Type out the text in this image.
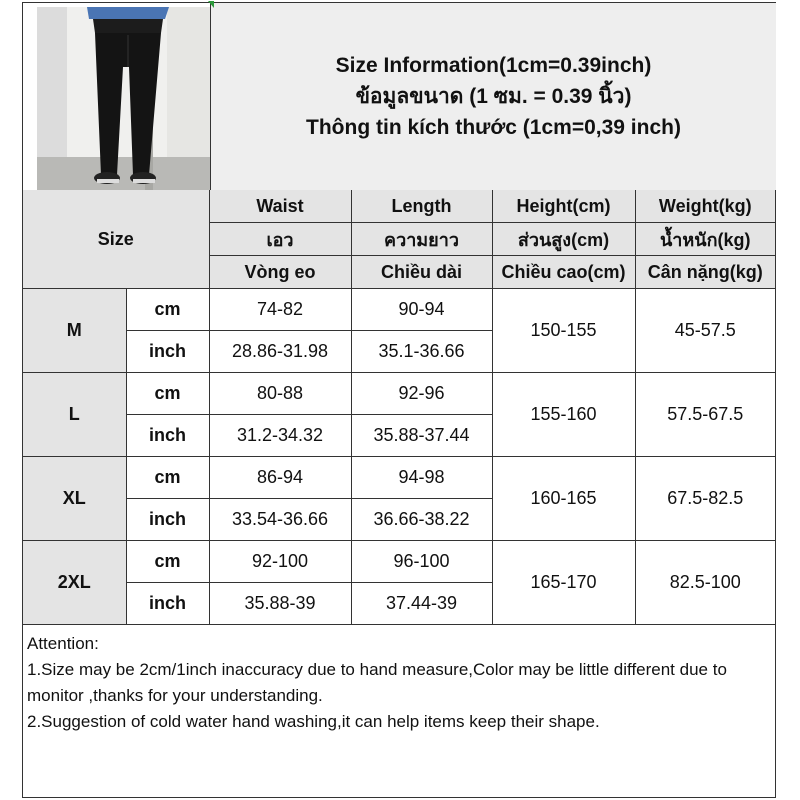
Size Information(1cm=0.39inch)
ข้อมูลขนาด (1 ซม. = 0.39 นิ้ว)
Thông tin kích thước (1cm=0,39 inch)
Size		Waist	Length	Height(cm)	Weight(kg)
		เอว	ความยาว	ส่วนสูง(cm)	น้ำหนัก(kg)
		Vòng eo	Chiều dài	Chiều cao(cm)	Cân nặng(kg)
M	cm	74-82	90-94	150-155	45-57.5
	inch	28.86-31.98	35.1-36.66		
L	cm	80-88	92-96	155-160	57.5-67.5
	inch	31.2-34.32	35.88-37.44		
XL	cm	86-94	94-98	160-165	67.5-82.5
	inch	33.54-36.66	36.66-38.22		
2XL	cm	92-100	96-100	165-170	82.5-100
	inch	35.88-39	37.44-39		

Attention:

1.Size may be 2cm/1inch inaccuracy due to hand measure,Color may be little different due to monitor ,thanks for your understanding.

2.Suggestion of cold water hand washing,it can help items keep their shape.
